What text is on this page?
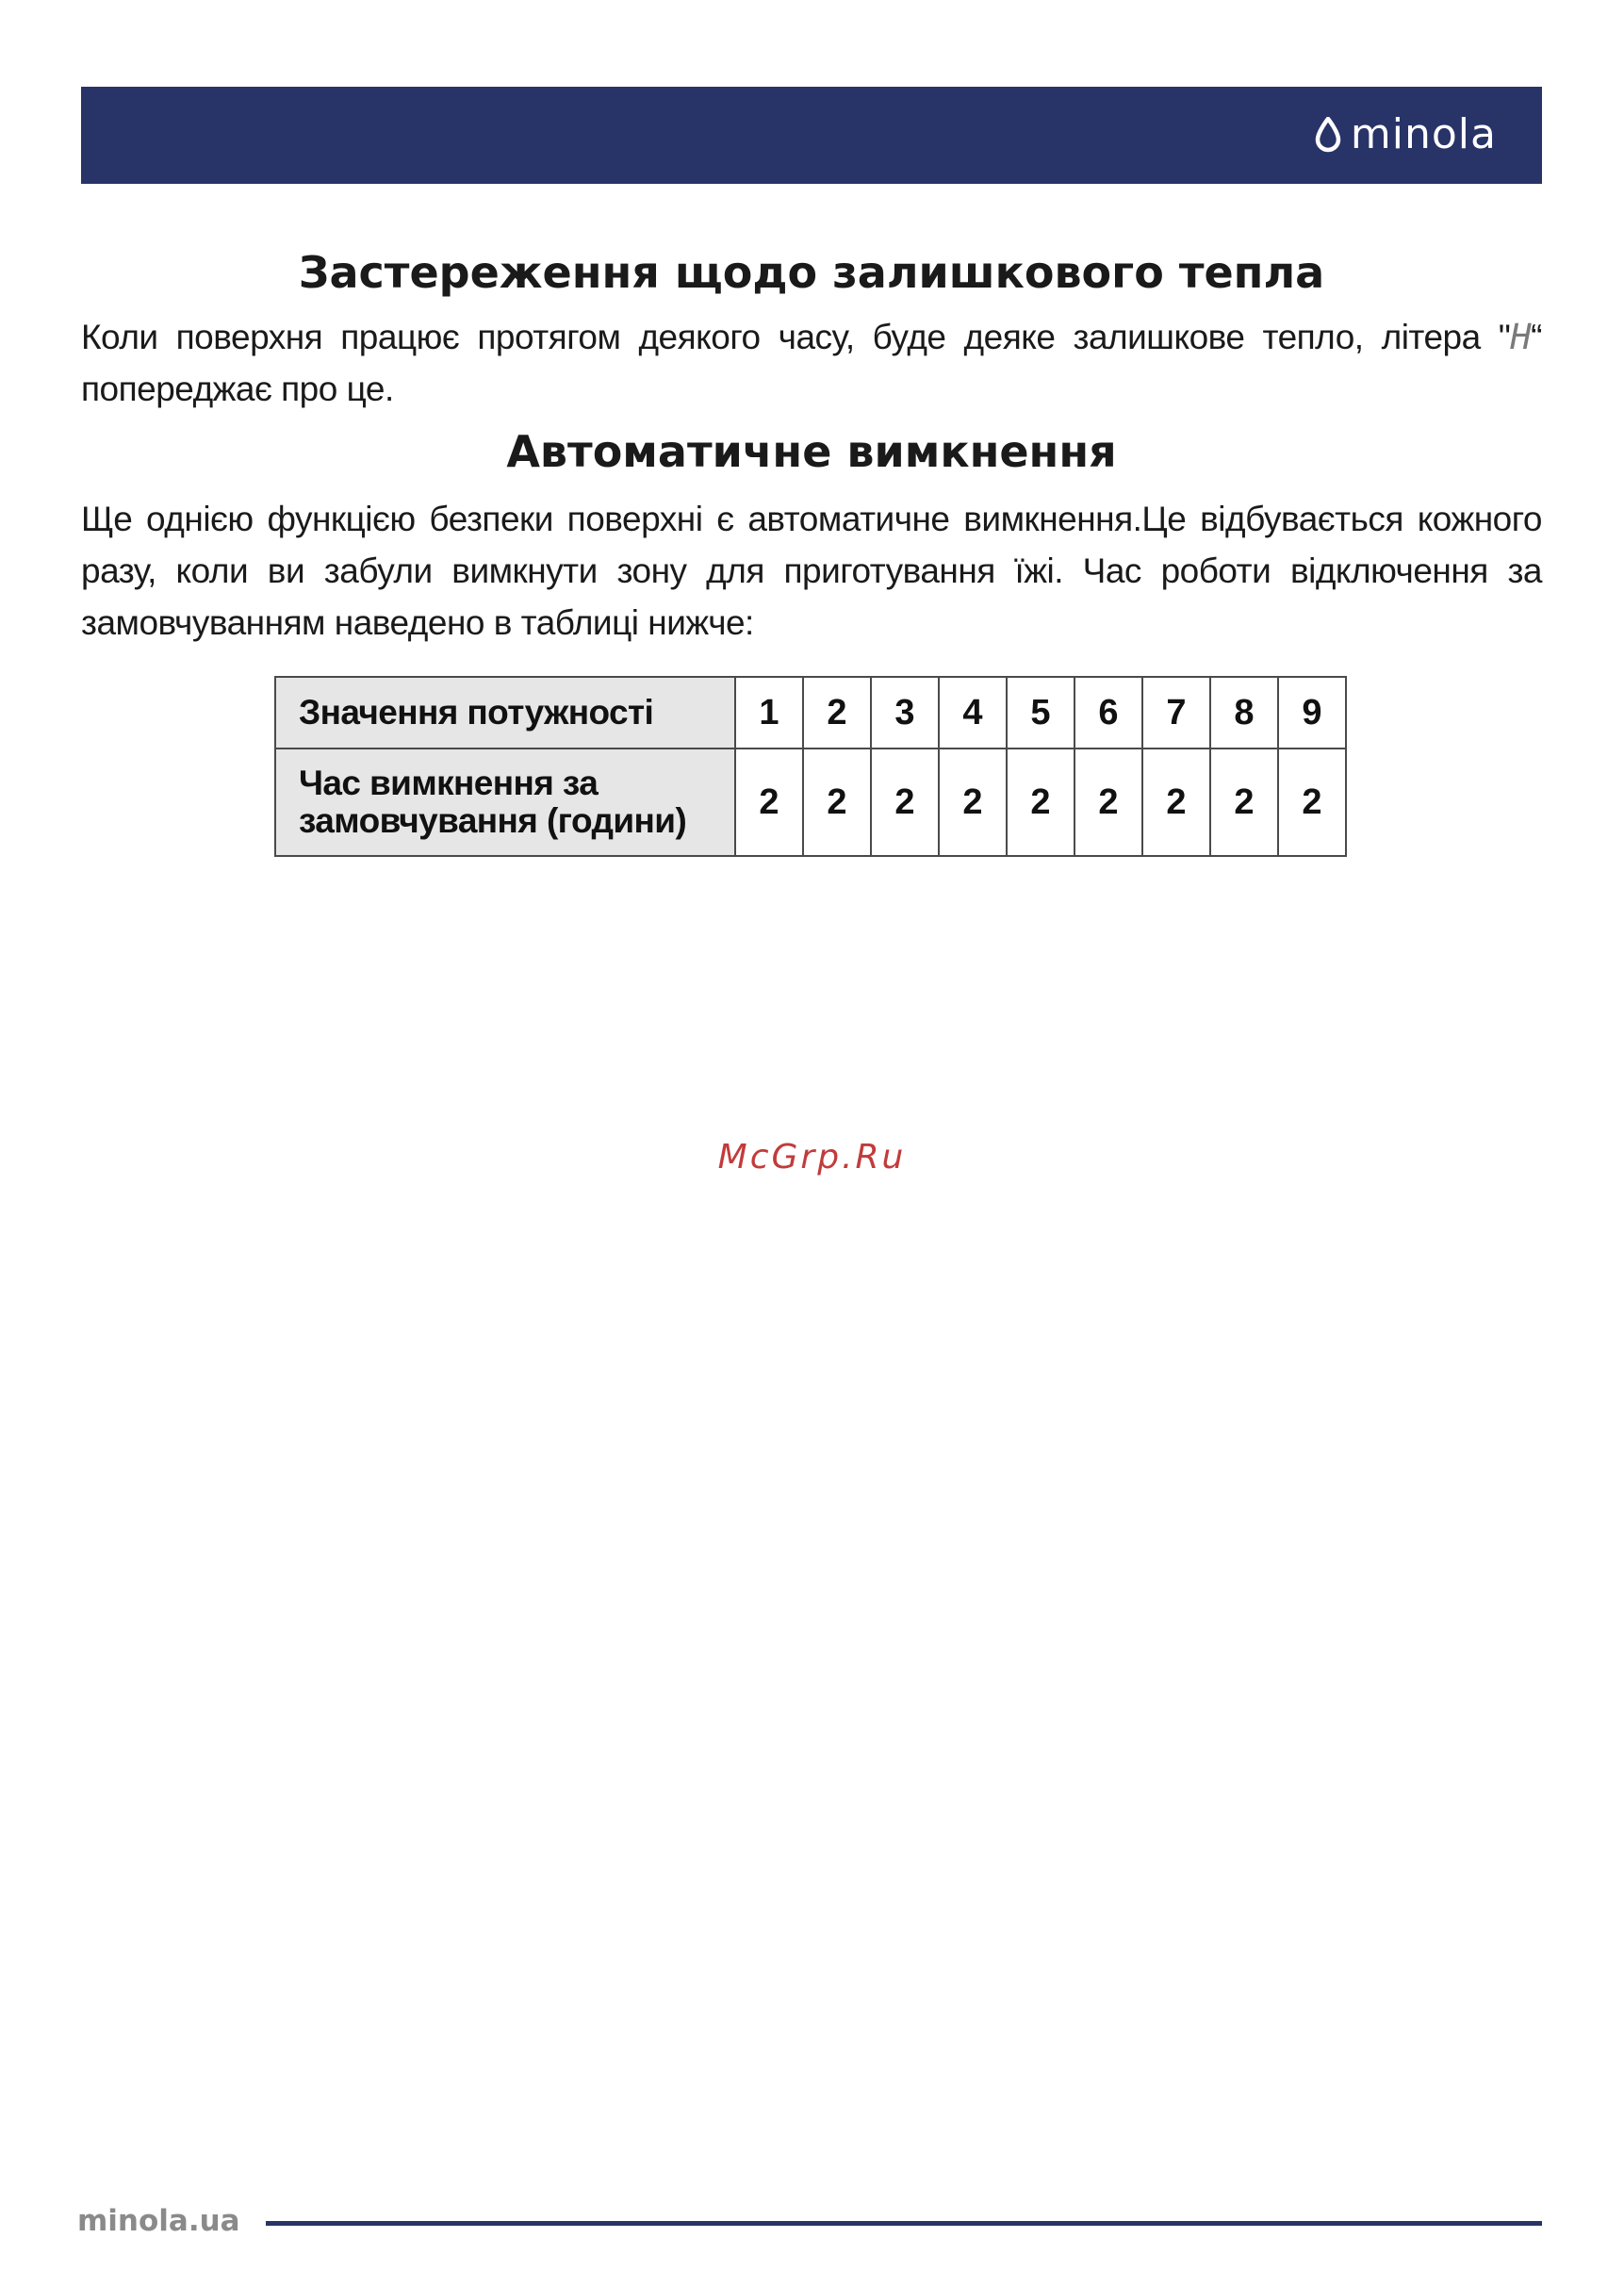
minola
Застереження щодо залишкового тепла

Коли поверхня працює протягом деякого часу, буде деяке залишкове тепло, літера "H“ попереджає про це.

Автоматичне вимкнення

Ще однією функцією безпеки поверхні є автоматичне вимкнення.Це відбувається кожного разу, коли ви забули вимкнути зону для приготування їжі. Час роботи відключення за замовчуванням наведено в таблиці нижче:

Значення потужності	1	2	3	4	5	6	7	8	9
Час вимкнення за замовчування (години)	2	2	2	2	2	2	2	2	2
McGrp.Ru
minola.ua
